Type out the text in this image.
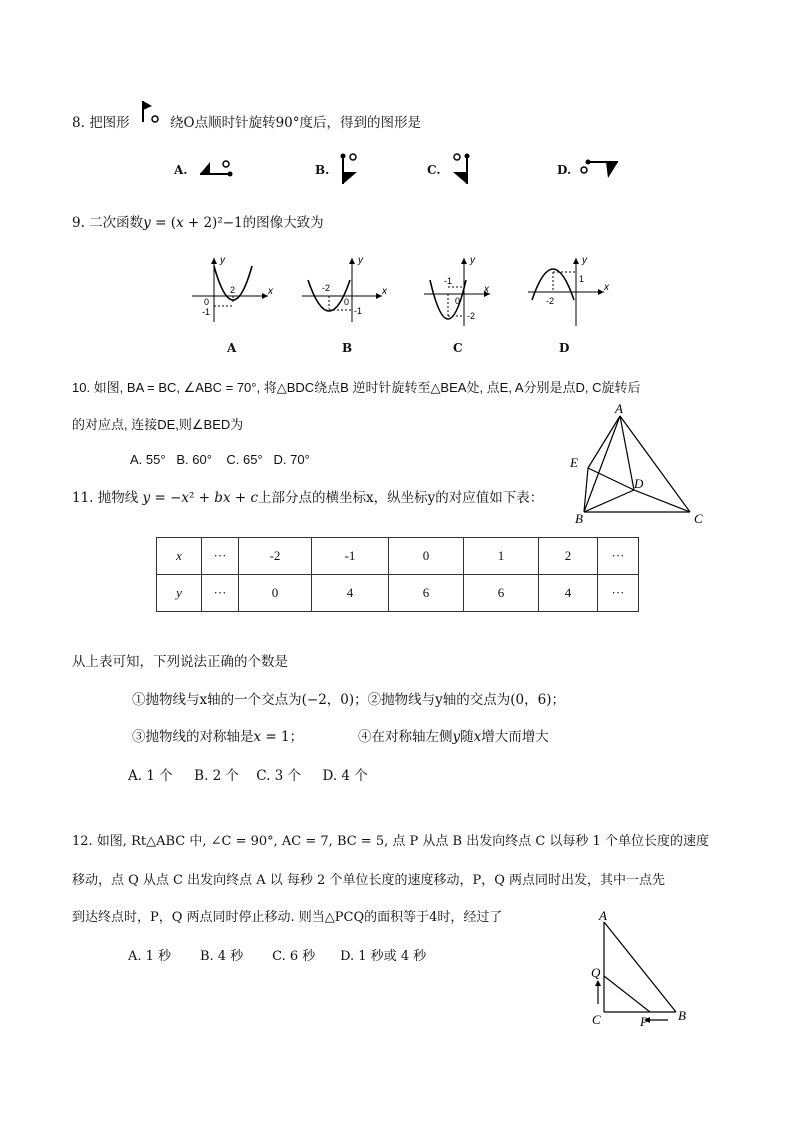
8. 把图形	绕O点顺时针旋转90°度后，得到的图形是
A.	B.	C.	D.
9. 二次函数𝑦 = (𝑥 + 2)²−1的图像大致为
y
x
0
2
-1
A
y
x
-2
0
-1
B
y
x
-1
0
-2
C
y
x
-2
1
D
10. 如图, BA = BC, ∠ABC = 70°, 将△BDC绕点B 逆时针旋转至△BEA处, 点E, A分别是点D, C旋转后
的对应点, 连接DE,则∠BED为
A. 55°   B. 60°    C. 65°   D. 70°
A
E
D
B	C
11. 抛物线 𝑦 = −𝑥² + 𝑏𝑥 + 𝑐上部分点的横坐标x，纵坐标y的对应值如下表：
x	···	-2	-1	0	1	2	···
y	···	0	4	6	6	4	···
从上表可知，下列说法正确的个数是
①抛物线与x轴的一个交点为(−2，0)；②抛物线与y轴的交点为(0，6)；
③抛物线的对称轴是𝑥 = 1；	④在对称轴左侧𝑦随𝑥增大而增大
A. 1 个     B. 2 个    C. 3 个     D. 4 个
12. 如图, Rt△ABC 中, ∠C = 90°, AC = 7, BC = 5, 点 P 从点 B 出发向终点 C 以每秒 1 个单位长度的速度
移动，点 Q 从点 C 出发向终点 A 以 每秒 2 个单位长度的速度移动，P，Q 两点同时出发，其中一点先
到达终点时，P，Q 两点同时停止移动. 则当△PCQ的面积等于4时，经过了
A. 1 秒       B. 4 秒       C. 6 秒      D. 1 秒或 4 秒
A
Q
C	P B
